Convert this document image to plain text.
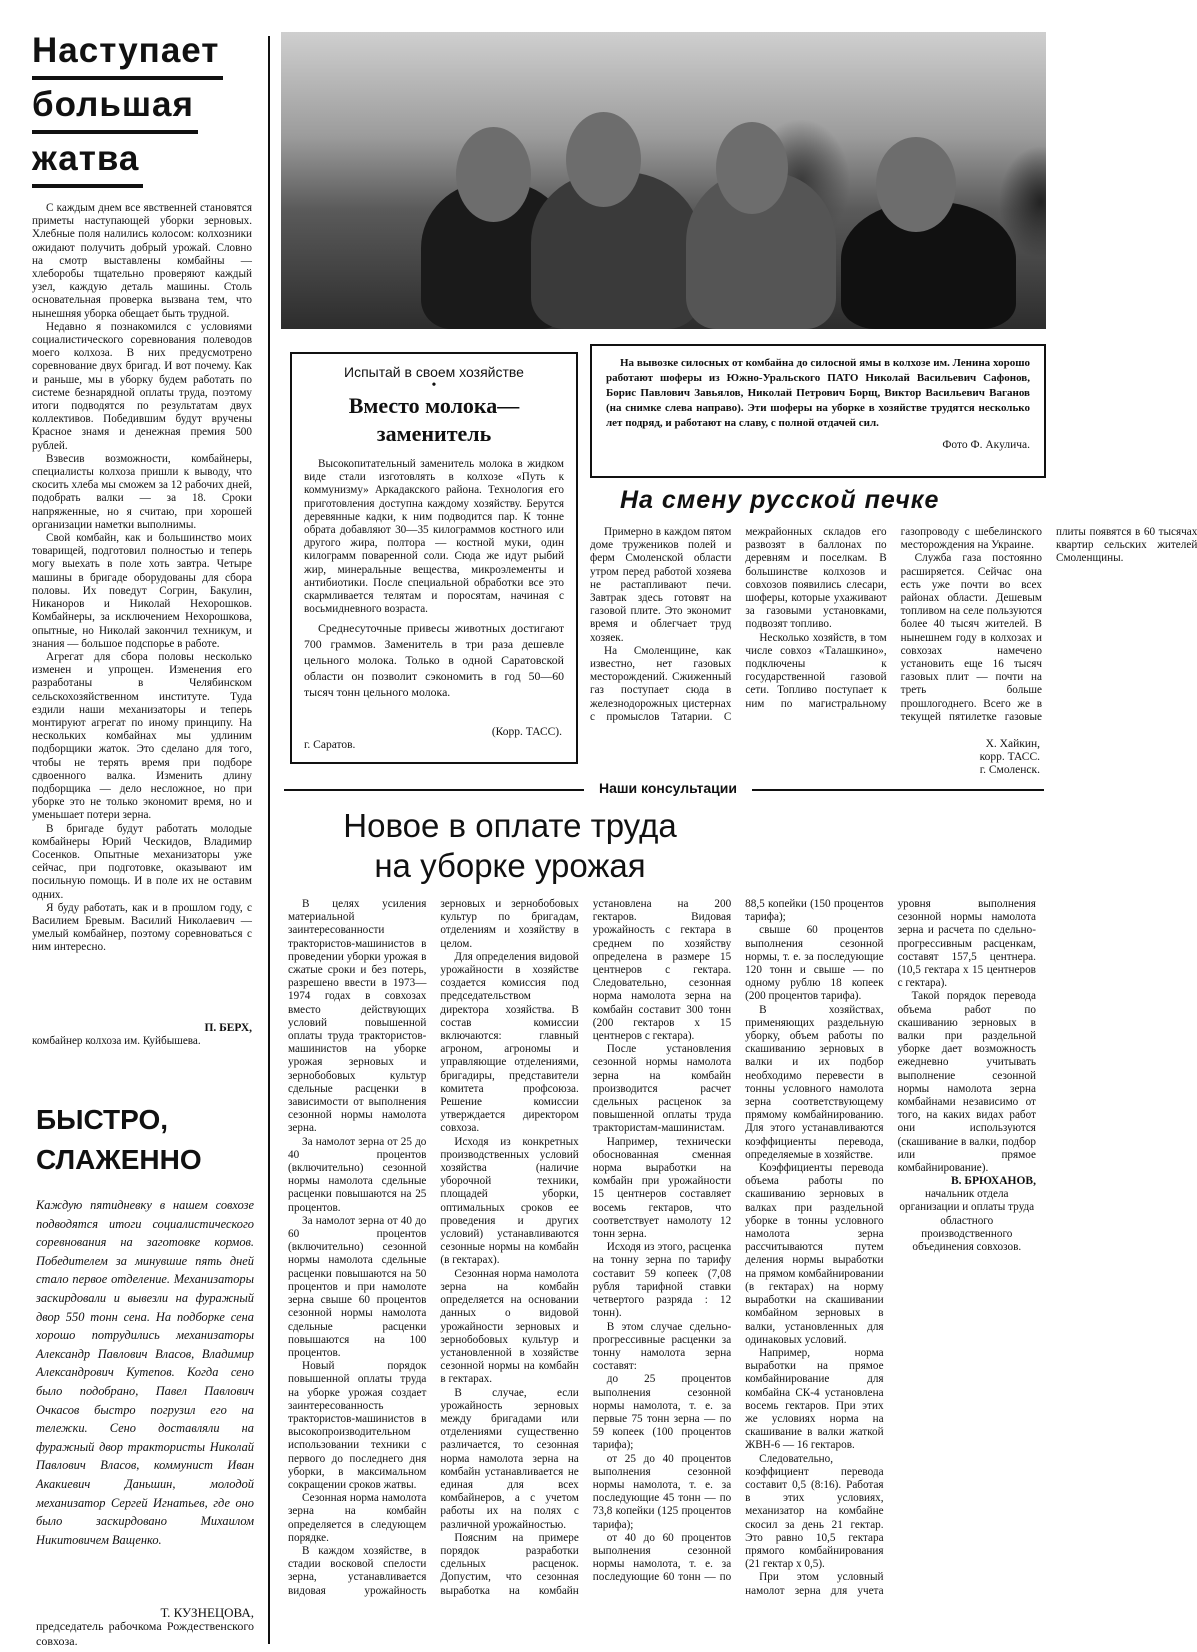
Наступает
большая
жатва

С каждым днем все явственней становятся приметы наступающей уборки зерновых. Хлебные поля налились колосом: колхозники ожидают получить добрый урожай. Словно на смотр выставлены комбайны — хлеборобы тщательно проверяют каждый узел, каждую деталь машины. Столь основательная проверка вызвана тем, что нынешняя уборка обещает быть трудной.

Недавно я познакомился с условиями социалистического соревнования полеводов моего колхоза. В них предусмотрено соревнование двух бригад. И вот почему. Как и раньше, мы в уборку будем работать по системе безнарядной оплаты труда, поэтому итоги подводятся по результатам двух коллективов. Победившим будут вручены Красное знамя и денежная премия 500 рублей.

Взвесив возможности, комбайнеры, специалисты колхоза пришли к выводу, что скосить хлеба мы сможем за 12 рабочих дней, подобрать валки — за 18. Сроки напряженные, но я считаю, при хорошей организации наметки выполнимы.

Свой комбайн, как и большинство моих товарищей, подготовил полностью и теперь могу выехать в поле хоть завтра. Четыре машины в бригаде оборудованы для сбора половы. Их поведут Согрин, Бакулин, Никаноров и Николай Нехорошков. Комбайнеры, за исключением Нехорошкова, опытные, но Николай закончил техникум, и знания — большое подспорье в работе.

Агрегат для сбора половы несколько изменен и упрощен. Изменения его разработаны в Челябинском сельскохозяйственном институте. Туда ездили наши механизаторы и теперь монтируют агрегат по иному принципу. На нескольких комбайнах мы удлиним подборщики жаток. Это сделано для того, чтобы не терять время при подборе сдвоенного валка. Изменить длину подборщика — дело несложное, но при уборке это не только экономит время, но и уменьшает потери зерна.

В бригаде будут работать молодые комбайнеры Юрий Ческидов, Владимир Сосенков. Опытные механизаторы уже сейчас, при подготовке, оказывают им посильную помощь. И в поле их не оставим одних.

Я буду работать, как и в прошлом году, с Василием Бревым. Василий Николаевич — умелый комбайнер, поэтому соревноваться с ним интересно.

П. БЕРХ,
комбайнер колхоза им. Куйбышева.
БЫСТРО,
СЛАЖЕННО
Каждую пятидневку в нашем совхозе подводятся итоги социалистического соревнования на заготовке кормов. Победителем за минувшие пять дней стало первое отделение. Механизаторы заскирдовали и вывезли на фуражный двор 550 тонн сена. На подборке сена хорошо потрудились механизаторы Александр Павлович Власов, Владимир Александрович Кутепов. Когда сено было подобрано, Павел Павлович Очкасов быстро погрузил его на тележки. Сено доставляли на фуражный двор трактористы Николай Павлович Власов, коммунист Иван Акакиевич Даньшин, молодой механизатор Сергей Игнатьев, где оно было заскирдовано Михаилом Никитовичем Ващенко.
Т. КУЗНЕЦОВА,
председатель рабочкома Рождественского совхоза.
На вывозке силосных от комбайна до силосной ямы в колхозе им. Ленина хорошо работают шоферы из Южно-Уральского ПАТО Николай Васильевич Сафонов, Борис Павлович Завьялов, Николай Петрович Борщ, Виктор Васильевич Ваганов (на снимке слева направо). Эти шоферы на уборке в хозяйстве трудятся несколько лет подряд, и работают на славу, с полной отдачей сил.
Фото Ф. Акулича.
Испытай в своем хозяйстве
•
Вместо молока—
заменитель

Высокопитательный заменитель молока в жидком виде стали изготовлять в колхозе «Путь к коммунизму» Аркадакского района. Технология его приготовления доступна каждому хозяйству. Берутся деревянные кадки, к ним подводится пар. К тонне обрата добавляют 30—35 килограммов костного или другого жира, полтора — костной муки, один килограмм поваренной соли. Сюда же идут рыбий жир, минеральные вещества, микроэлементы и антибиотики. После специальной обработки все это скармливается телятам и поросятам, начиная с восьмидневного возраста.

Среднесуточные привесы животных достигают 700 граммов. Заменитель в три раза дешевле цельного молока. Только в одной Саратовской области он позволит сэкономить в год 50—60 тысяч тонн цельного молока.

(Корр. ТАСС).
г. Саратов.
На смену русской печке

Примерно в каждом пятом доме тружеников полей и ферм Смоленской области утром перед работой хозяева не растапливают печи. Завтрак здесь готовят на газовой плите. Это экономит время и облегчает труд хозяек.

На Смоленщине, как известно, нет газовых месторождений. Сжиженный газ поступает сюда в железнодорожных цистернах с промыслов Татарии. С межрайонных складов его развозят в баллонах по деревням и поселкам. В большинстве колхозов и совхозов появились слесари, шоферы, которые ухаживают за газовыми установками, подвозят топливо.

Несколько хозяйств, в том числе совхоз «Талашкино», подключены к государственной газовой сети. Топливо поступает к ним по магистральному газопроводу с шебелинского месторождения на Украине.

Служба газа постоянно расширяется. Сейчас она есть уже почти во всех районах области. Дешевым топливом на селе пользуются более 40 тысяч жителей. В нынешнем году в колхозах и совхозах намечено установить еще 16 тысяч газовых плит — почти на треть больше прошлогоднего. Всего же в текущей пятилетке газовые плиты появятся в 60 тысячах квартир сельских жителей Смоленщины.

Х. Хайкин,
корр. ТАСС.
г. Смоленск.
Наши консультации
Новое в оплате труда
на уборке урожая

В целях усиления материальной заинтересованности трактористов-машинистов в проведении уборки урожая в сжатые сроки и без потерь, разрешено ввести в 1973—1974 годах в совхозах вместо действующих условий повышенной оплаты труда трактористов-машинистов на уборке урожая зерновых и зернобобовых культур сдельные расценки в зависимости от выполнения сезонной нормы намолота зерна.

За намолот зерна от 25 до 40 процентов (включительно) сезонной нормы намолота сдельные расценки повышаются на 25 процентов.

За намолот зерна от 40 до 60 процентов (включительно) сезонной нормы намолота сдельные расценки повышаются на 50 процентов и при намолоте зерна свыше 60 процентов сезонной нормы намолота сдельные расценки повышаются на 100 процентов.

Новый порядок повышенной оплаты труда на уборке урожая создает заинтересованность трактористов-машинистов в высокопроизводительном использовании техники с первого до последнего дня уборки, в максимальном сокращении сроков жатвы.

Сезонная норма намолота зерна на комбайн определяется в следующем порядке.

В каждом хозяйстве, в стадии восковой спелости зерна, устанавливается видовая урожайность зерновых и зернобобовых культур по бригадам, отделениям и хозяйству в целом.

Для определения видовой урожайности в хозяйстве создается комиссия под председательством директора хозяйства. В состав комиссии включаются: главный агроном, агрономы и управляющие отделениями, бригадиры, представители комитета профсоюза. Решение комиссии утверждается директором совхоза.

Исходя из конкретных производственных условий хозяйства (наличие уборочной техники, площадей уборки, оптимальных сроков ее проведения и других условий) устанавливаются сезонные нормы на комбайн (в гектарах).

Сезонная норма намолота зерна на комбайн определяется на основании данных о видовой урожайности зерновых и зернобобовых культур и установленной в хозяйстве сезонной нормы на комбайн в гектарах.

В случае, если урожайность зерновых между бригадами или отделениями существенно различается, то сезонная норма намолота зерна на комбайн устанавливается не единая для всех комбайнеров, а с учетом работы их на полях с различной урожайностью.

Поясним на примере порядок разработки сдельных расценок. Допустим, что сезонная выработка на комбайн установлена на 200 гектаров. Видовая урожайность с гектара в среднем по хозяйству определена в размере 15 центнеров с гектара. Следовательно, сезонная норма намолота зерна на комбайн составит 300 тонн (200 гектаров x 15 центнеров с гектара).

После установления сезонной нормы намолота зерна на комбайн производится расчет сдельных расценок за повышенной оплаты труда трактористам-машинистам.

Например, технически обоснованная сменная норма выработки на комбайн при урожайности 15 центнеров составляет восемь гектаров, что соответствует намолоту 12 тонн зерна.

Исходя из этого, расценка на тонну зерна по тарифу составит 59 копеек (7,08 рубля тарифной ставки четвертого разряда : 12 тонн).

В этом случае сдельно-прогрессивные расценки за тонну намолота зерна составят:

до 25 процентов выполнения сезонной нормы намолота, т. е. за первые 75 тонн зерна — по 59 копеек (100 процентов тарифа);

от 25 до 40 процентов выполнения сезонной нормы намолота, т. е. за последующие 45 тонн — по 73,8 копейки (125 процентов тарифа);

от 40 до 60 процентов выполнения сезонной нормы намолота, т. е. за последующие 60 тонн — по 88,5 копейки (150 процентов тарифа);

свыше 60 процентов выполнения сезонной нормы, т. е. за последующие 120 тонн и свыше — по одному рублю 18 копеек (200 процентов тарифа).

В хозяйствах, применяющих раздельную уборку, объем работы по скашиванию зерновых в валки и их подбор необходимо перевести в тонны условного намолота зерна соответствующему прямому комбайнированию. Для этого устанавливаются коэффициенты перевода, определяемые в хозяйстве.

Коэффициенты перевода объема работы по скашиванию зерновых в валках при раздельной уборке в тонны условного намолота зерна рассчитываются путем деления нормы выработки на прямом комбайнировании (в гектарах) на норму выработки на скашивании комбайном зерновых в валки, установленных для одинаковых условий.

Например, норма выработки на прямое комбайнирование для комбайна СК-4 установлена восемь гектаров. При этих же условиях норма на скашивание в валки жаткой ЖВН-6 — 16 гектаров.

Следовательно, коэффициент перевода составит 0,5 (8:16). Работая в этих условиях, механизатор на комбайне скосил за день 21 гектар. Это равно 10,5 гектара прямого комбайнирования (21 гектар x 0,5).

При этом условный намолот зерна для учета уровня выполнения сезонной нормы намолота зерна и расчета по сдельно-прогрессивным расценкам, составят 157,5 центнера. (10,5 гектара x 15 центнеров с гектара).

Такой порядок перевода объема работ по скашиванию зерновых в валки при раздельной уборке дает возможность ежедневно учитывать выполнение сезонной нормы намолота зерна комбайнами независимо от того, на каких видах работ они используются (скашивание в валки, подбор или прямое комбайнирование).

В. БРЮХАНОВ,
начальник отдела организации и оплаты труда областного производственного объединения совхозов.
